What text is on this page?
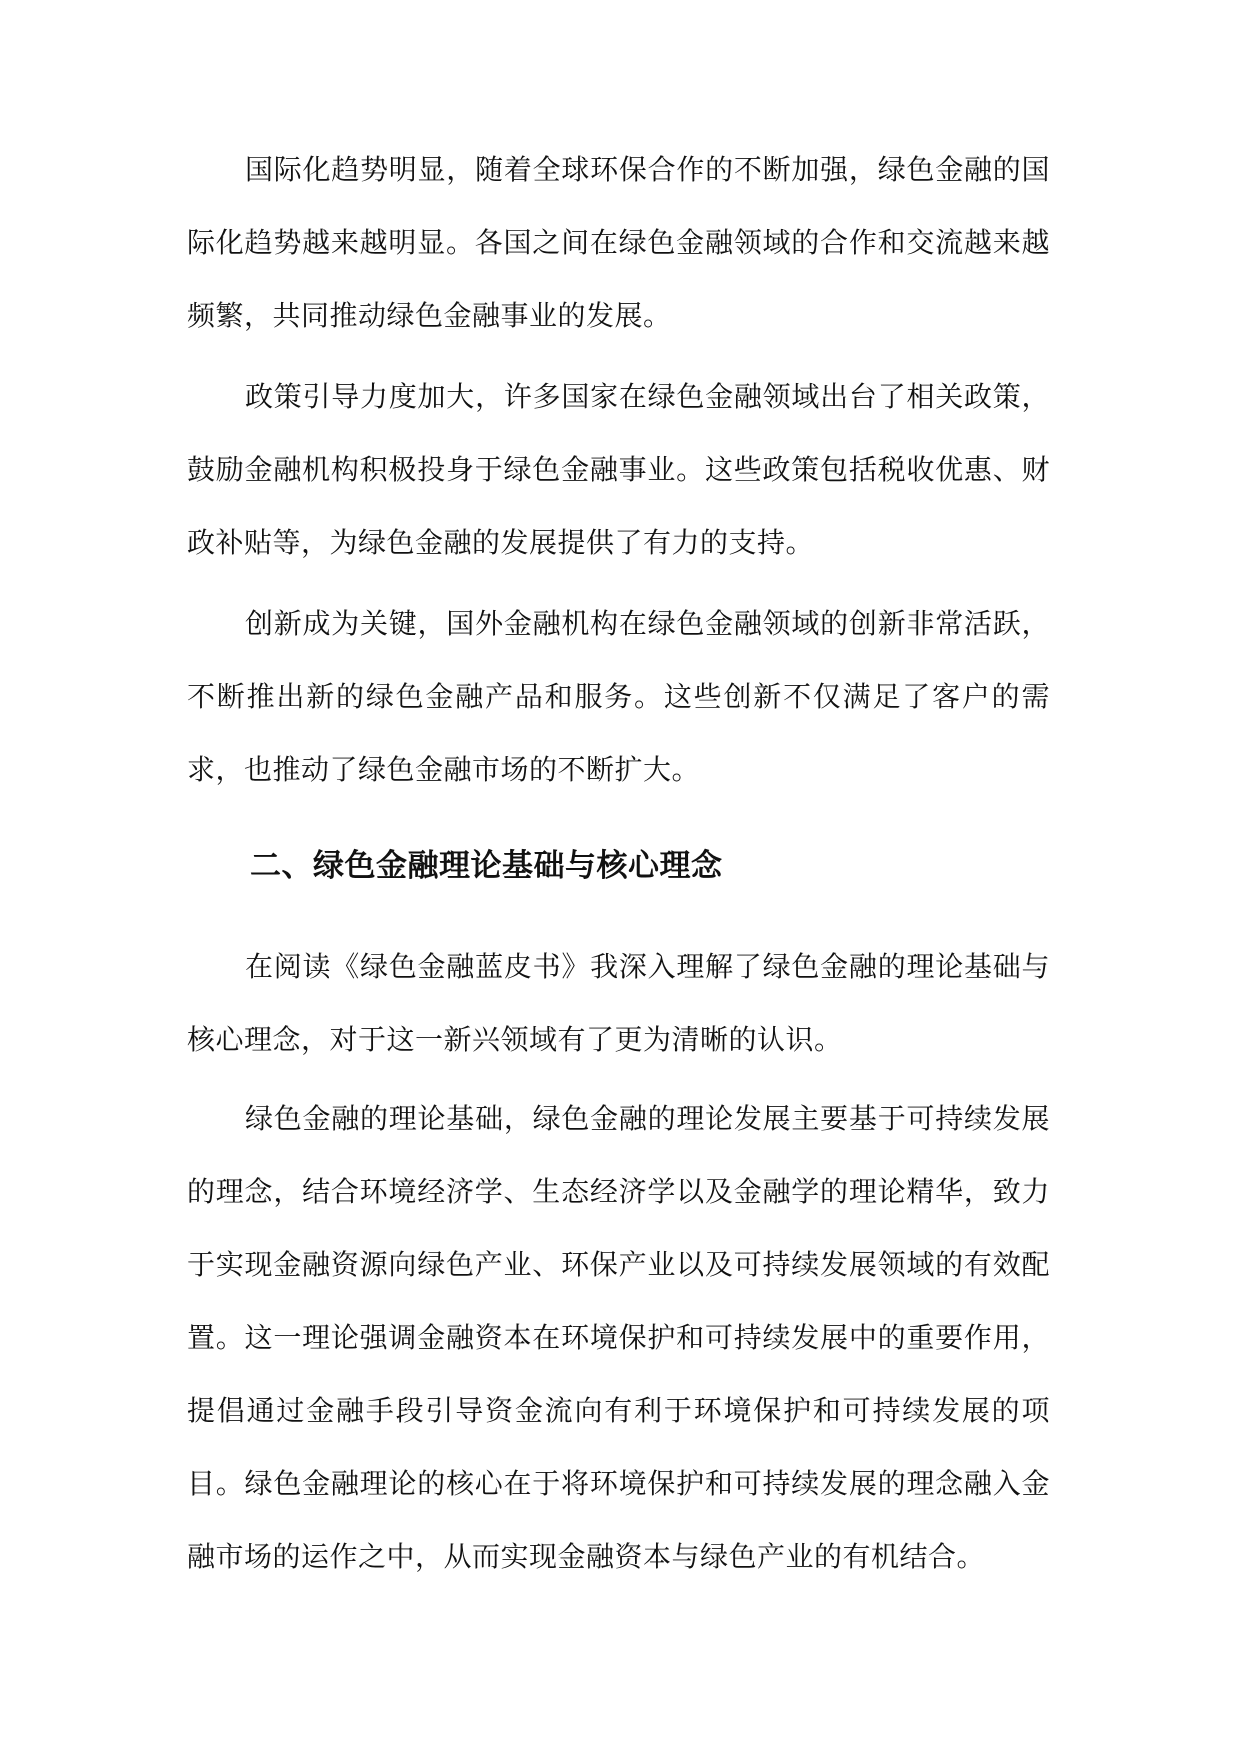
国际化趋势明显，随着全球环保合作的不断加强，绿色金融的国际化趋势越来越明显。各国之间在绿色金融领域的合作和交流越来越频繁，共同推动绿色金融事业的发展。

政策引导力度加大，许多国家在绿色金融领域出台了相关政策，鼓励金融机构积极投身于绿色金融事业。这些政策包括税收优惠、财政补贴等，为绿色金融的发展提供了有力的支持。

创新成为关键，国外金融机构在绿色金融领域的创新非常活跃，不断推出新的绿色金融产品和服务。这些创新不仅满足了客户的需求，也推动了绿色金融市场的不断扩大。

二、绿色金融理论基础与核心理念

在阅读《绿色金融蓝皮书》我深入理解了绿色金融的理论基础与核心理念，对于这一新兴领域有了更为清晰的认识。

绿色金融的理论基础，绿色金融的理论发展主要基于可持续发展的理念，结合环境经济学、生态经济学以及金融学的理论精华，致力于实现金融资源向绿色产业、环保产业以及可持续发展领域的有效配置。这一理论强调金融资本在环境保护和可持续发展中的重要作用，提倡通过金融手段引导资金流向有利于环境保护和可持续发展的项目。绿色金融理论的核心在于将环境保护和可持续发展的理念融入金融市场的运作之中，从而实现金融资本与绿色产业的有机结合。
